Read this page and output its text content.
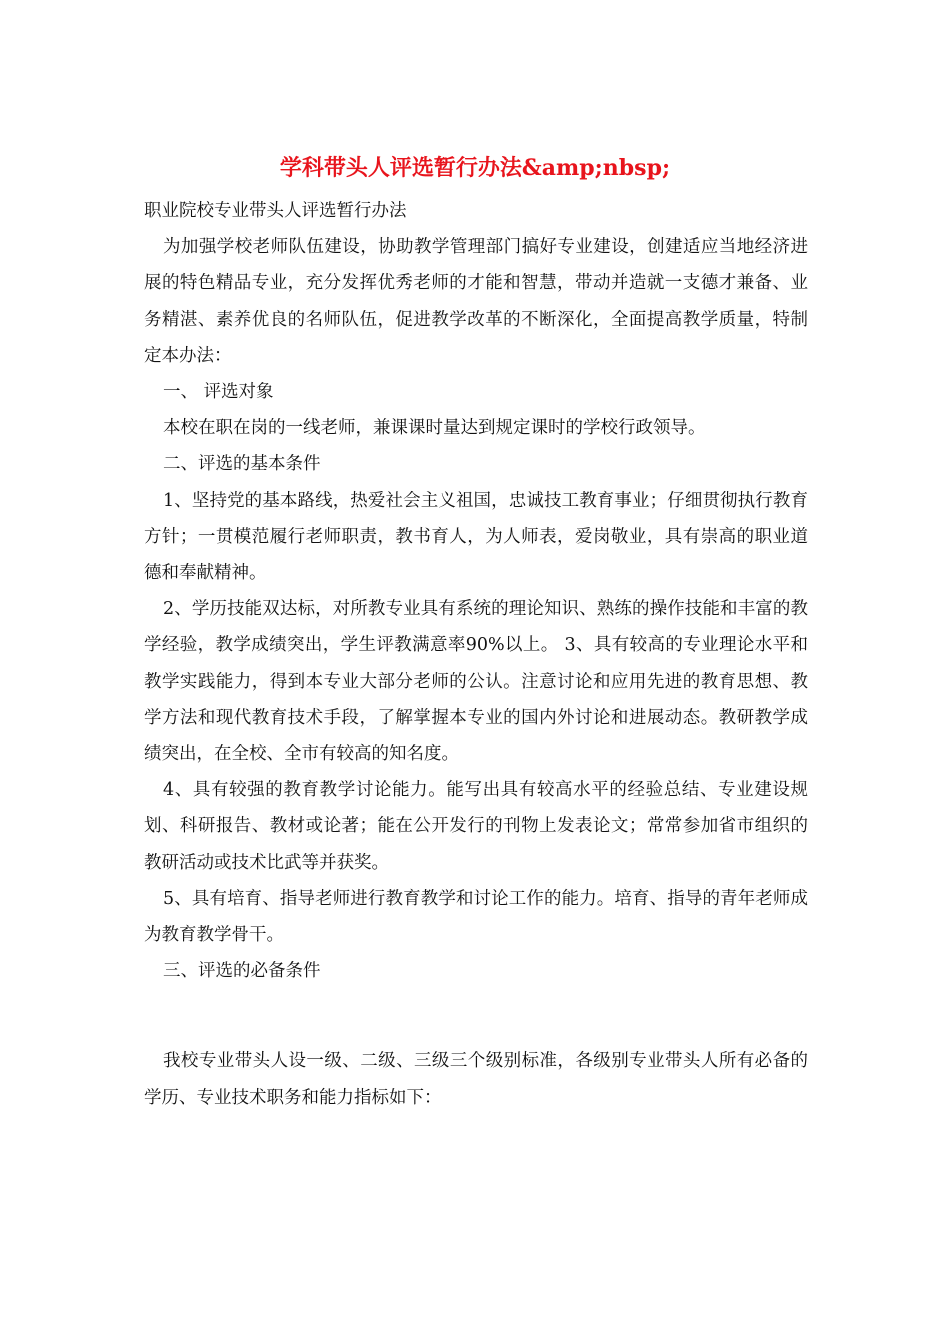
学科带头人评选暂行办法&amp;nbsp;

职业院校专业带头人评选暂行办法

为加强学校老师队伍建设，协助教学管理部门搞好专业建设，创建适应当地经济进展的特色精品专业，充分发挥优秀老师的才能和智慧，带动并造就一支德才兼备、业务精湛、素养优良的名师队伍，促进教学改革的不断深化，全面提高教学质量，特制定本办法：

一、 评选对象

本校在职在岗的一线老师，兼课课时量达到规定课时的学校行政领导。

二、评选的基本条件

1、坚持党的基本路线，热爱社会主义祖国，忠诚技工教育事业；仔细贯彻执行教育方针；一贯模范履行老师职责，教书育人，为人师表，爱岗敬业，具有崇高的职业道德和奉献精神。

2、学历技能双达标，对所教专业具有系统的理论知识、熟练的操作技能和丰富的教学经验，教学成绩突出，学生评教满意率90%以上。 3、具有较高的专业理论水平和教学实践能力，得到本专业大部分老师的公认。注意讨论和应用先进的教育思想、教学方法和现代教育技术手段，了解掌握本专业的国内外讨论和进展动态。教研教学成绩突出，在全校、全市有较高的知名度。

4、具有较强的教育教学讨论能力。能写出具有较高水平的经验总结、专业建设规划、科研报告、教材或论著；能在公开发行的刊物上发表论文；常常参加省市组织的教研活动或技术比武等并获奖。

5、具有培育、指导老师进行教育教学和讨论工作的能力。培育、指导的青年老师成为教育教学骨干。

三、评选的必备条件

我校专业带头人设一级、二级、三级三个级别标准，各级别专业带头人所有必备的学历、专业技术职务和能力指标如下：
